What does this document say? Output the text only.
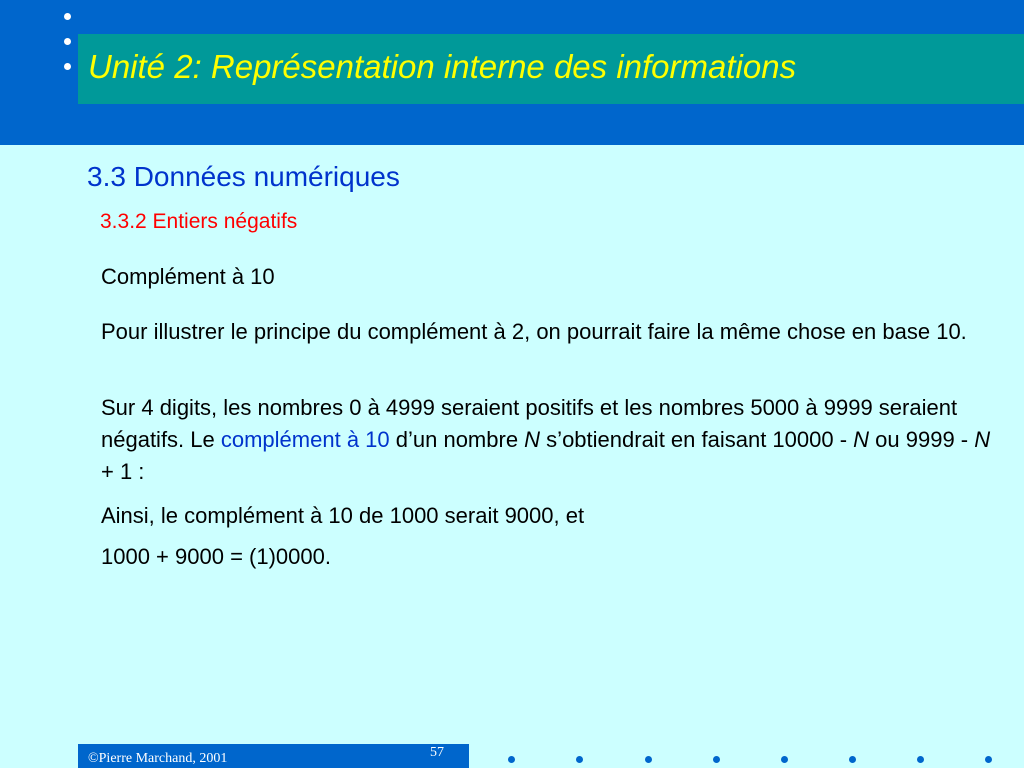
Unité 2: Représentation interne des informations
3.3 Données numériques
3.3.2 Entiers négatifs

Complément à 10

Pour illustrer le principe du complément à 2, on pourrait faire la même chose en base 10.

Sur 4 digits, les nombres 0 à 4999 seraient positifs et les nombres 5000 à 9999 seraient négatifs. Le complément à 10 d’un nombre N s’obtiendrait en faisant 10000 - N ou 9999 - N + 1 :

Ainsi, le complément à 10 de 1000 serait 9000, et

1000 + 9000 = (1)0000.

©Pierre Marchand, 2001	57
